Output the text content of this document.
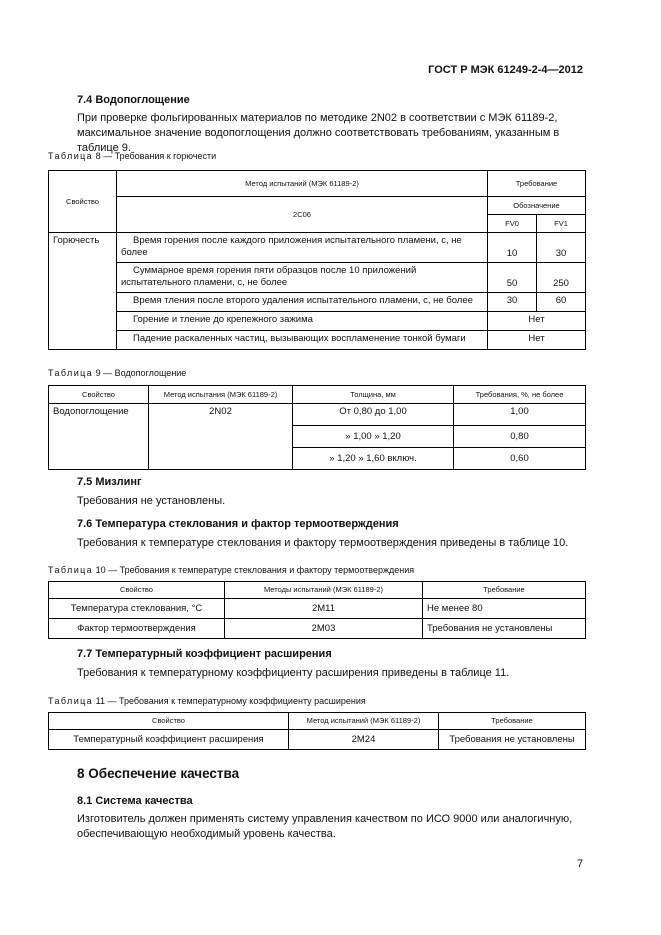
ГОСТ Р МЭК 61249-2-4—2012
7.4 Водопоглощение
При проверке фольгированных материалов по методике 2N02 в соответствии с МЭК 61189-2, максимальное значение водопоглощения должно соответствовать требованиям, указанным в таблице 9.
Таблица 8 — Требования к горючести
Свойство	Метод испытаний (МЭК 61189-2)	Требование	
	2C06	Обозначение	
		FV0	FV1
Горючесть	Время горения после каждого приложения испытательного пламени, с, не более	10	30
	Суммарное время горения пяти образцов после 10 приложений испытательного пламени, с, не более	50	250
	Время тления после второго удаления испытательного пламени, с, не более	30	60
	Горение и тление до крепежного зажима	Нет	
	Падение раскаленных частиц, вызывающих воспламенение тонкой бумаги	Нет	
Таблица 9 — Водопоглощение
Свойство	Метод испытания (МЭК 61189-2)	Толщина, мм	Требования, %, не более
Водопоглощение	2N02	От 0,80 до 1,00	1,00
		» 1,00 » 1,20	0,80
		» 1,20 » 1,60 включ.	0,60
7.5 Мизлинг
Требования не установлены.
7.6 Температура стеклования и фактор термоотверждения
Требования к температуре стеклования и фактору термоотверждения приведены в таблице 10.
Таблица 10 — Требования к температуре стеклования и фактору термоотверждения
Свойство	Методы испытаний (МЭК 61189-2)	Требование
Температура стеклования, °С	2M11	Не менее 80
Фактор термоотверждения	2M03	Требования не установлены
7.7 Температурный коэффициент расширения
Требования к температурному коэффициенту расширения приведены в таблице 11.
Таблица 11 — Требования к температурному коэффициенту расширения
Свойство	Метод испытаний (МЭК 61189-2)	Требование
Температурный коэффициент расширения	2M24	Требования не установлены
8 Обеспечение качества
8.1 Система качества
Изготовитель должен применять систему управления качеством по ИСО 9000 или аналогичную, обеспечивающую необходимый уровень качества.
7
